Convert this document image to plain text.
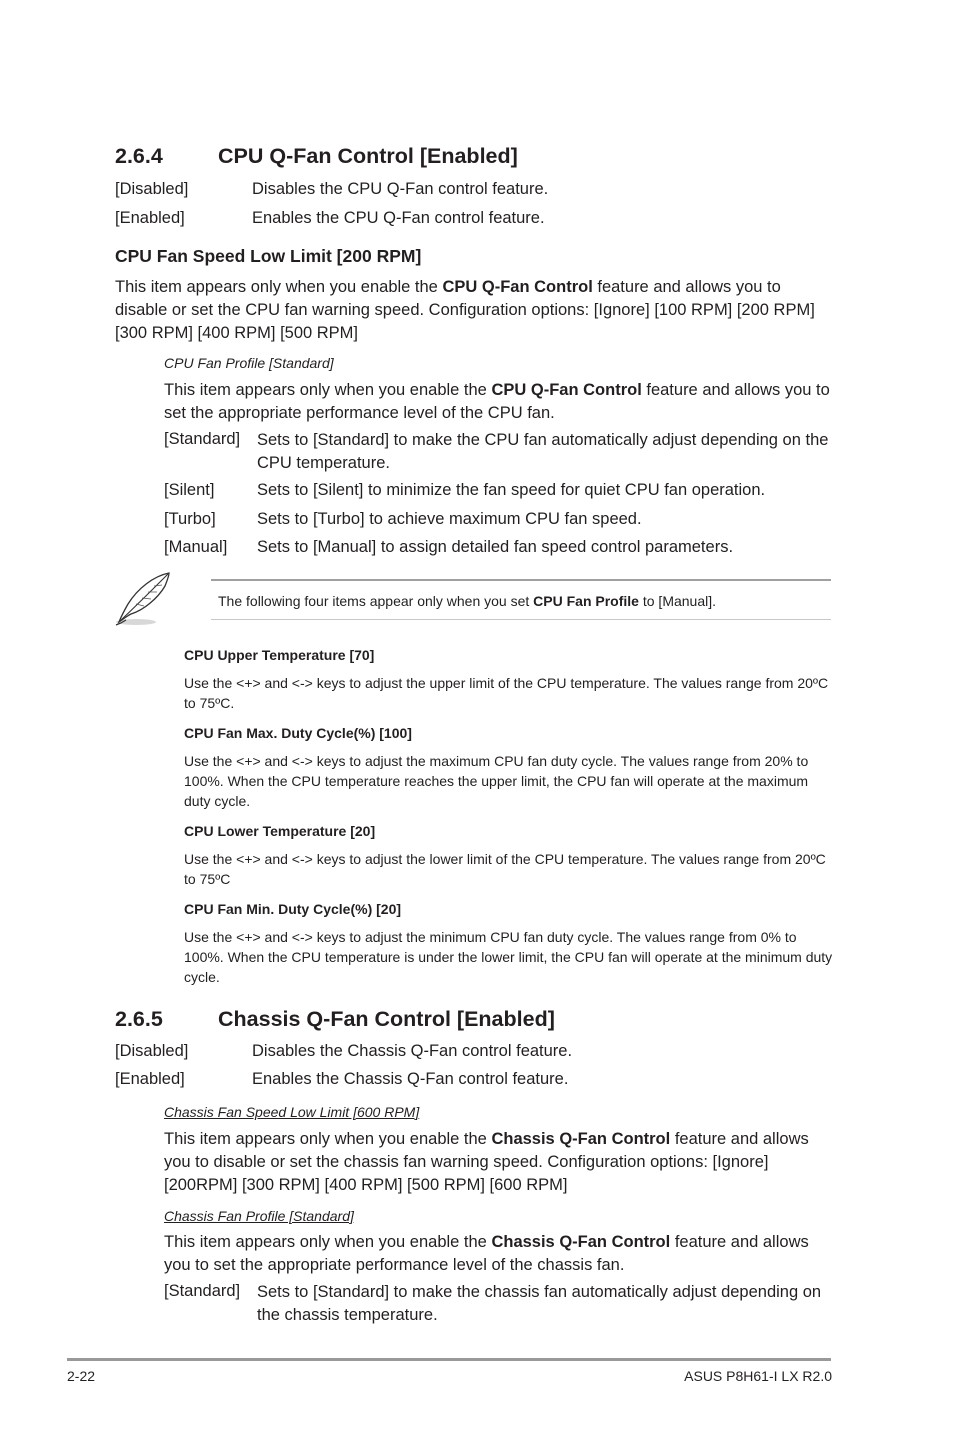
2.6.4	CPU Q-Fan Control [Enabled]
[Disabled]	Disables the CPU Q-Fan control feature.
[Enabled]	Enables the CPU Q-Fan control feature.
CPU Fan Speed Low Limit [200 RPM]
This item appears only when you enable the CPU Q-Fan Control feature and allows you to disable or set the CPU fan warning speed. Configuration options: [Ignore] [100 RPM] [200 RPM] [300 RPM] [400 RPM] [500 RPM]
CPU Fan Profile [Standard]
This item appears only when you enable the CPU Q-Fan Control feature and allows you to set the appropriate performance level of the CPU fan.
[Standard] Sets to [Standard] to make the CPU fan automatically adjust depending on the CPU temperature.
[Silent]	Sets to [Silent] to minimize the fan speed for quiet CPU fan operation.
[Turbo]	Sets to [Turbo] to achieve maximum CPU fan speed.
[Manual] Sets to [Manual] to assign detailed fan speed control parameters.
The following four items appear only when you set CPU Fan Profile to [Manual].
CPU Upper Temperature [70]
Use the <+> and <-> keys to adjust the upper limit of the CPU temperature. The values range from 20ºC to 75ºC.
CPU Fan Max. Duty Cycle(%) [100]
Use the <+> and <-> keys to adjust the maximum CPU fan duty cycle. The values range from 20% to 100%. When the CPU temperature reaches the upper limit, the CPU fan will operate at the maximum duty cycle.
CPU Lower Temperature [20]
Use the <+> and <-> keys to adjust the lower limit of the CPU temperature. The values range from 20ºC to 75ºC
CPU Fan Min. Duty Cycle(%) [20]
Use the <+> and <-> keys to adjust the minimum CPU fan duty cycle. The values range from 0% to 100%. When the CPU temperature is under the lower limit, the CPU fan will operate at the minimum duty cycle.
2.6.5	Chassis Q-Fan Control [Enabled]
[Disabled]	Disables the Chassis Q-Fan control feature.
[Enabled]	Enables the Chassis Q-Fan control feature.
Chassis Fan Speed Low Limit [600 RPM]
This item appears only when you enable the Chassis Q-Fan Control feature and allows you to disable or set the chassis fan warning speed. Configuration options: [Ignore] [200RPM] [300 RPM] [400 RPM] [500 RPM] [600 RPM]
Chassis Fan Profile [Standard]
This item appears only when you enable the Chassis Q-Fan Control feature and allows you to set the appropriate performance level of the chassis fan.
[Standard] Sets to [Standard] to make the chassis fan automatically adjust depending on the chassis temperature.
2-22	ASUS P8H61-I LX R2.0
